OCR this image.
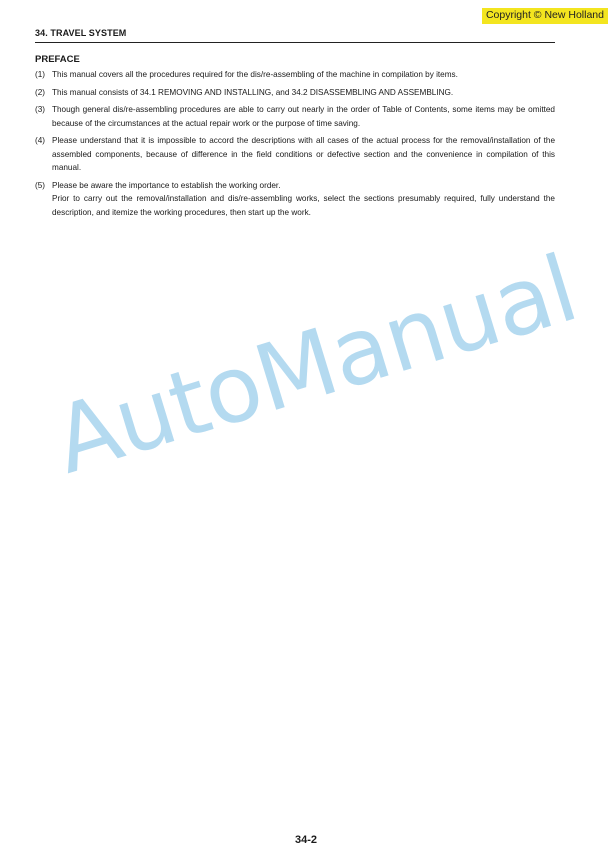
Copyright © New Holland
34. TRAVEL SYSTEM
PREFACE
(1) This manual covers all the procedures required for the dis/re-assembling of the machine in compilation by items.
(2) This manual consists of 34.1 REMOVING AND INSTALLING, and 34.2 DISASSEMBLING AND ASSEMBLING.
(3) Though general dis/re-assembling procedures are able to carry out nearly in the order of Table of Contents, some items may be omitted because of the circumstances at the actual repair work or the purpose of time saving.
(4) Please understand that it is impossible to accord the descriptions with all cases of the actual process for the removal/installation of the assembled components, because of difference in the field conditions or defective section and the convenience in compilation of this manual.
(5) Please be aware the importance to establish the working order.
Prior to carry out the removal/installation and dis/re-assembling works, select the sections presumably required, fully understand the description, and itemize the working procedures, then start up the work.
AutoManual
34-2
